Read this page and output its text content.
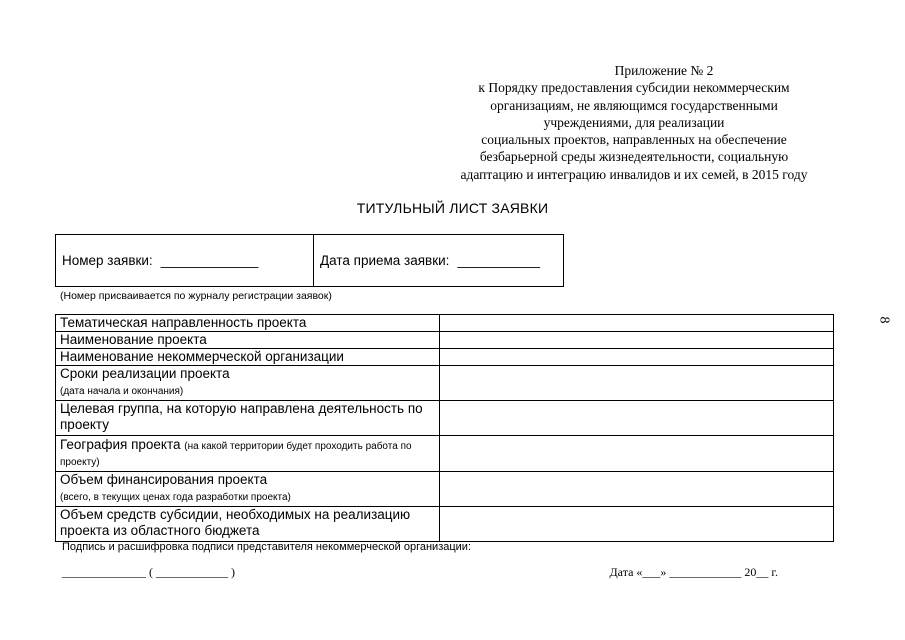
Приложение № 2
к Порядку предоставления субсидии некоммерческим
организациям, не являющимся государственными
учреждениями, для реализации
социальных проектов, направленных на обеспечение
безбарьерной среды жизнедеятельности, социальную
адаптацию и интеграцию инвалидов и их семей, в 2015 году
ТИТУЛЬНЫЙ ЛИСТ ЗАЯВКИ
Номер заявки: _____________	Дата приема заявки: ___________
(Номер присваивается по журналу регистрации заявок)
Тематическая направленность проекта	
Наименование проекта	
Наименование некоммерческой организации	
Сроки реализации проекта
(дата начала и окончания)	
Целевая группа, на которую направлена деятельность по проекту	
География проекта (на какой территории будет проходить работа по проекту)	
Объем финансирования проекта
(всего, в текущих ценах года разработки проекта)	
Объем средств субсидии, необходимых на реализацию проекта из областного бюджета	
Подпись и расшифровка подписи представителя некоммерческой организации:
______________ ( ____________ )	Дата «___» ____________ 20__ г.
8
